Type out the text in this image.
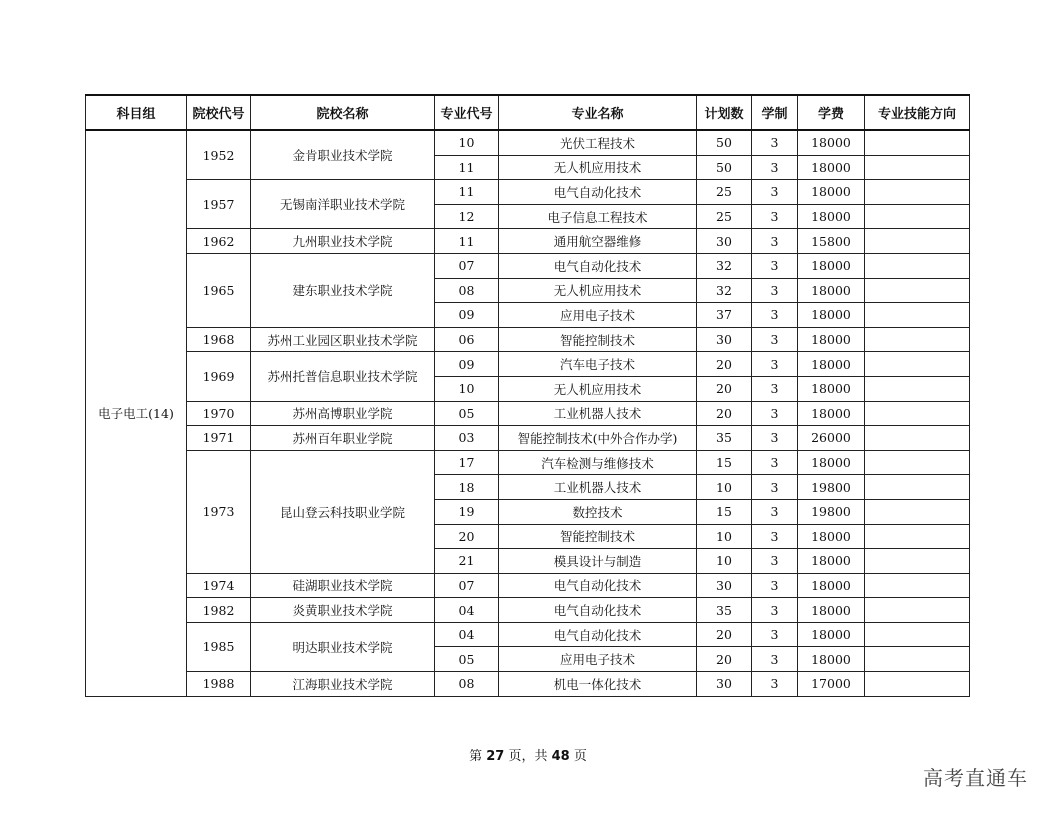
科目组	院校代号	院校名称	专业代号	专业名称	计划数	学制	学费	专业技能方向
电子电工(14)	1952	金肯职业技术学院	10	光伏工程技术	50	3	18000	
			11	无人机应用技术	50	3	18000	
	1957	无锡南洋职业技术学院	11	电气自动化技术	25	3	18000	
			12	电子信息工程技术	25	3	18000	
	1962	九州职业技术学院	11	通用航空器维修	30	3	15800	
	1965	建东职业技术学院	07	电气自动化技术	32	3	18000	
			08	无人机应用技术	32	3	18000	
			09	应用电子技术	37	3	18000	
	1968	苏州工业园区职业技术学院	06	智能控制技术	30	3	18000	
	1969	苏州托普信息职业技术学院	09	汽车电子技术	20	3	18000	
			10	无人机应用技术	20	3	18000	
	1970	苏州高博职业学院	05	工业机器人技术	20	3	18000	
	1971	苏州百年职业学院	03	智能控制技术(中外合作办学)	35	3	26000	
	1973	昆山登云科技职业学院	17	汽车检测与维修技术	15	3	18000	
			18	工业机器人技术	10	3	19800	
			19	数控技术	15	3	19800	
			20	智能控制技术	10	3	18000	
			21	模具设计与制造	10	3	18000	
	1974	硅湖职业技术学院	07	电气自动化技术	30	3	18000	
	1982	炎黄职业技术学院	04	电气自动化技术	35	3	18000	
	1985	明达职业技术学院	04	电气自动化技术	20	3	18000	
			05	应用电子技术	20	3	18000	
	1988	江海职业技术学院	08	机电一体化技术	30	3	17000	
第 27 页，共 48 页
高考直通车
